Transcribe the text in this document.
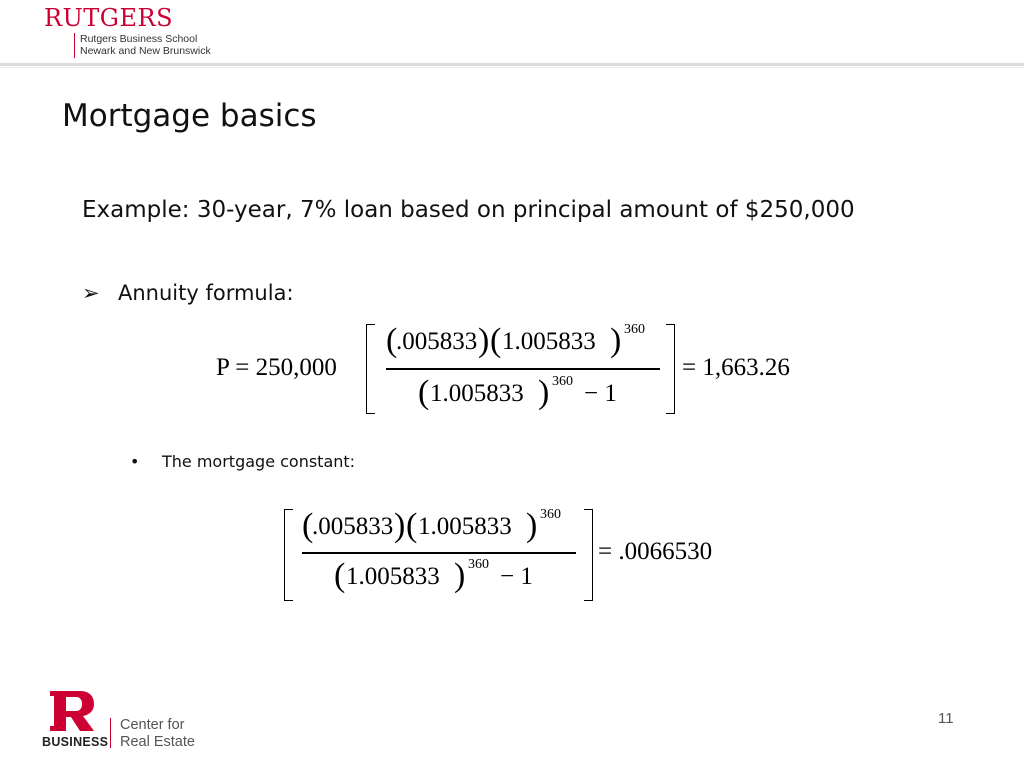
RUTGERS
Rutgers Business School
Newark and New Brunswick
Mortgage basics
Example: 30-year, 7% loan based on principal amount of $250,000
➢ Annuity formula:
P = 250,000
(
.005833 ) ( 1.005833 ) 360
( 1.005833 ) 360 − 1
= 1,663.26
• The mortgage constant:
(
.005833 ) ( 1.005833 ) 360
( 1.005833 ) 360 − 1
= .0066530
R
BUSINESS
Center for
Real Estate
11
